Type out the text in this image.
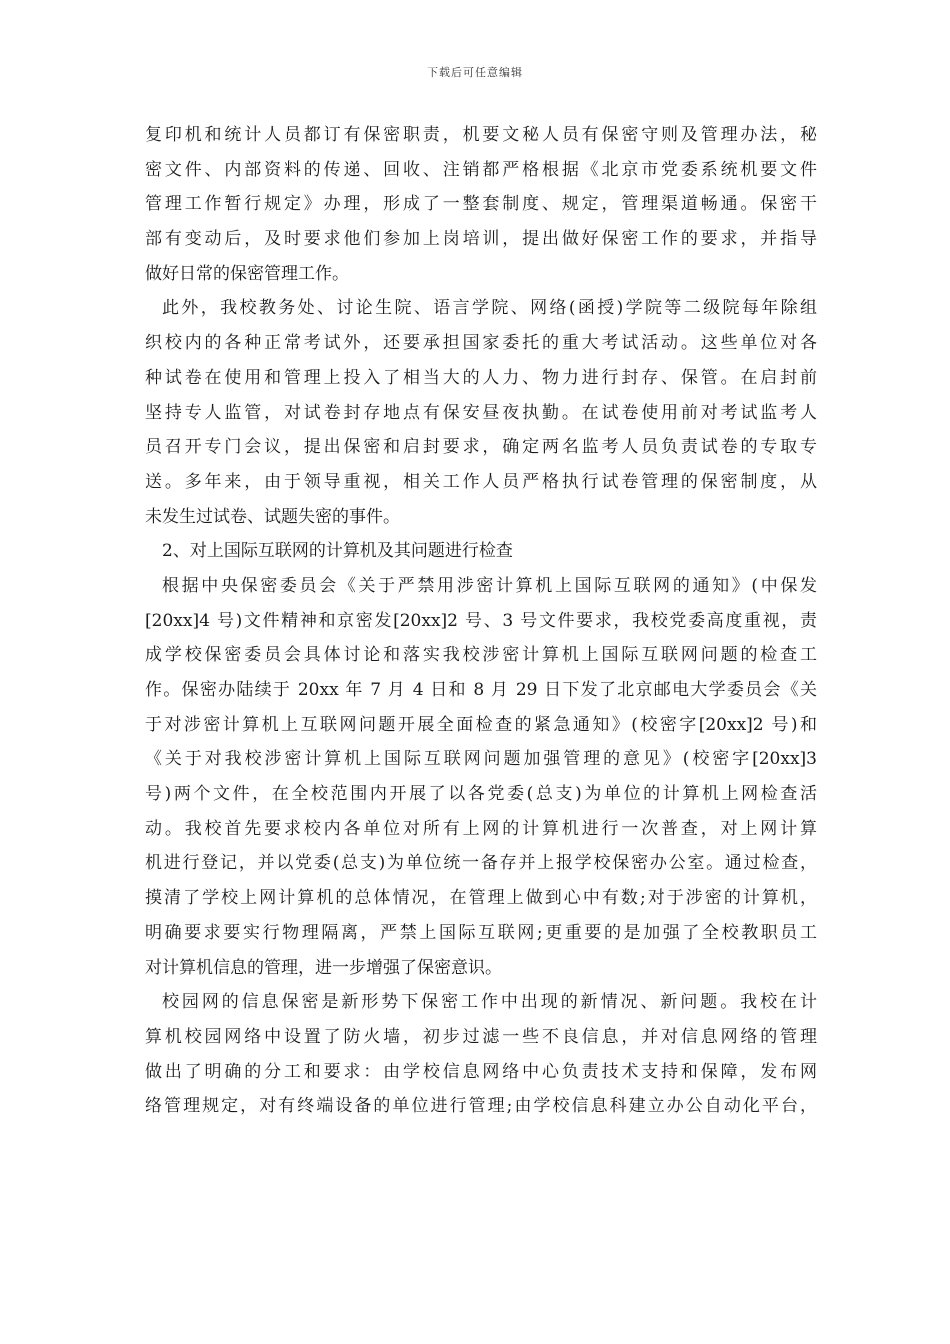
下载后可任意编辑
复印机和统计人员都订有保密职责，机要文秘人员有保密守则及管理办法，秘
密文件、内部资料的传递、回收、注销都严格根据《北京市党委系统机要文件
管理工作暂行规定》办理，形成了一整套制度、规定，管理渠道畅通。保密干
部有变动后，及时要求他们参加上岗培训，提出做好保密工作的要求，并指导
做好日常的保密管理工作。
此外，我校教务处、讨论生院、语言学院、网络(函授)学院等二级院每年除组
织校内的各种正常考试外，还要承担国家委托的重大考试活动。这些单位对各
种试卷在使用和管理上投入了相当大的人力、物力进行封存、保管。在启封前
坚持专人监管，对试卷封存地点有保安昼夜执勤。在试卷使用前对考试监考人
员召开专门会议，提出保密和启封要求，确定两名监考人员负责试卷的专取专
送。多年来，由于领导重视，相关工作人员严格执行试卷管理的保密制度，从
未发生过试卷、试题失密的事件。
2、对上国际互联网的计算机及其问题进行检查
根据中央保密委员会《关于严禁用涉密计算机上国际互联网的通知》(中保发
[20xx]4 号)文件精神和京密发[20xx]2 号、3 号文件要求，我校党委高度重视，责
成学校保密委员会具体讨论和落实我校涉密计算机上国际互联网问题的检查工
作。保密办陆续于 20xx 年 7 月 4 日和 8 月 29 日下发了北京邮电大学委员会《关
于对涉密计算机上互联网问题开展全面检查的紧急通知》(校密字[20xx]2 号)和
《关于对我校涉密计算机上国际互联网问题加强管理的意见》(校密字[20xx]3
号)两个文件，在全校范围内开展了以各党委(总支)为单位的计算机上网检查活
动。我校首先要求校内各单位对所有上网的计算机进行一次普查，对上网计算
机进行登记，并以党委(总支)为单位统一备存并上报学校保密办公室。通过检查，
摸清了学校上网计算机的总体情况，在管理上做到心中有数;对于涉密的计算机，
明确要求要实行物理隔离，严禁上国际互联网;更重要的是加强了全校教职员工
对计算机信息的管理，进一步增强了保密意识。
校园网的信息保密是新形势下保密工作中出现的新情况、新问题。我校在计
算机校园网络中设置了防火墙，初步过滤一些不良信息，并对信息网络的管理
做出了明确的分工和要求：由学校信息网络中心负责技术支持和保障，发布网
络管理规定，对有终端设备的单位进行管理;由学校信息科建立办公自动化平台，
